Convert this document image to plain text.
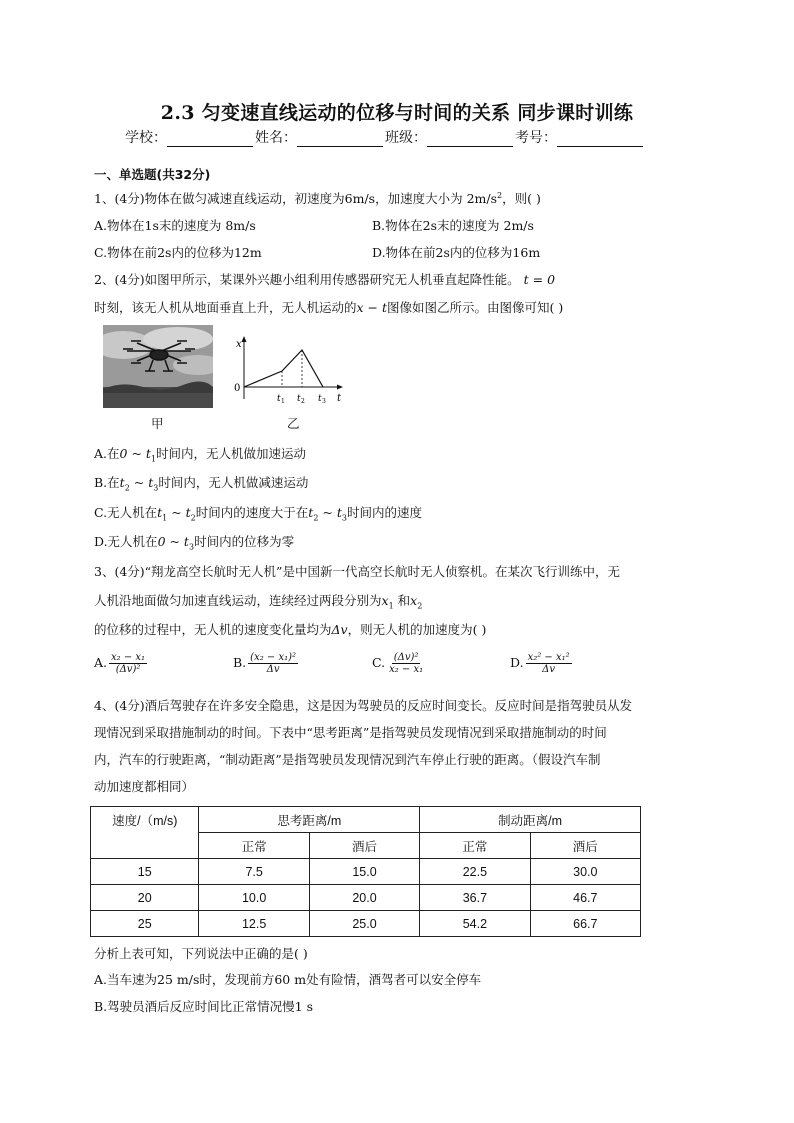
2.3 匀变速直线运动的位移与时间的关系 同步课时训练
学校：	姓名：	班级：	考号：
一、单选题(共32分)
1、(4分)物体在做匀减速直线运动，初速度为6m/s，加速度大小为 $2m/s^2$，则( )
A.物体在1s末的速度为 8m/s	B.物体在2s末的速度为 2m/s
C.物体在前2s内的位移为12m	D.物体在前2s内的位移为16m
2、(4分)如图甲所示，某课外兴趣小组利用传感器研究无人机垂直起降性能。 t = 0
时刻，该无人机从地面垂直上升，无人机运动的x − t图像如图乙所示。由图像可知( )
甲
x
0
t
t 1 t 2 t 3
乙
A.在0 ~ $t_1$时间内，无人机做加速运动
B.在$t_2$ ~ $t_3$时间内，无人机做减速运动
C.无人机在$t_1$ ~ $t_2$时间内的速度大于在$t_2$ ~ $t_3$时间内的速度
D.无人机在0 ~ $t_3$时间内的位移为零
3、(4分)“翔龙高空长航时无人机”是中国新一代高空长航时无人侦察机。在某次飞行训练中，无
人机沿地面做匀加速直线运动，连续经过两段分别为$x_1$ 和$x_2$
的位移的过程中，无人机的速度变化量均为Δv，则无人机的加速度为( )
A. $\frac{\text{x₂ − x₁}}{\text{(Δv)²}}$	B. $\frac{\text{(x₂ − x₁)²}}{\Delta v}$	C. $\frac{\text{(Δv)²}}{\text{x₂ − x₁}}$	D. $\frac{\text{x₂² − x₁²}}{\Delta v}$
4、(4分)酒后驾驶存在许多安全隐患，这是因为驾驶员的反应时间变长。反应时间是指驾驶员从发
现情况到采取措施制动的时间。下表中“思考距离”是指驾驶员发现情况到采取措施制动的时间
内，汽车的行驶距离，“制动距离”是指驾驶员发现情况到汽车停止行驶的距离。（假设汽车制
动加速度都相同）
速度/（m/s)	思考距离/m		制动距离/m	
	正常	酒后	正常	酒后
15	7.5	15.0	22.5	30.0
20	10.0	20.0	36.7	46.7
25	12.5	25.0	54.2	66.7
分析上表可知，下列说法中正确的是( )
A.当车速为25 m/s时，发现前方60 m处有险情，酒驾者可以安全停车
B.驾驶员酒后反应时间比正常情况慢1 s
